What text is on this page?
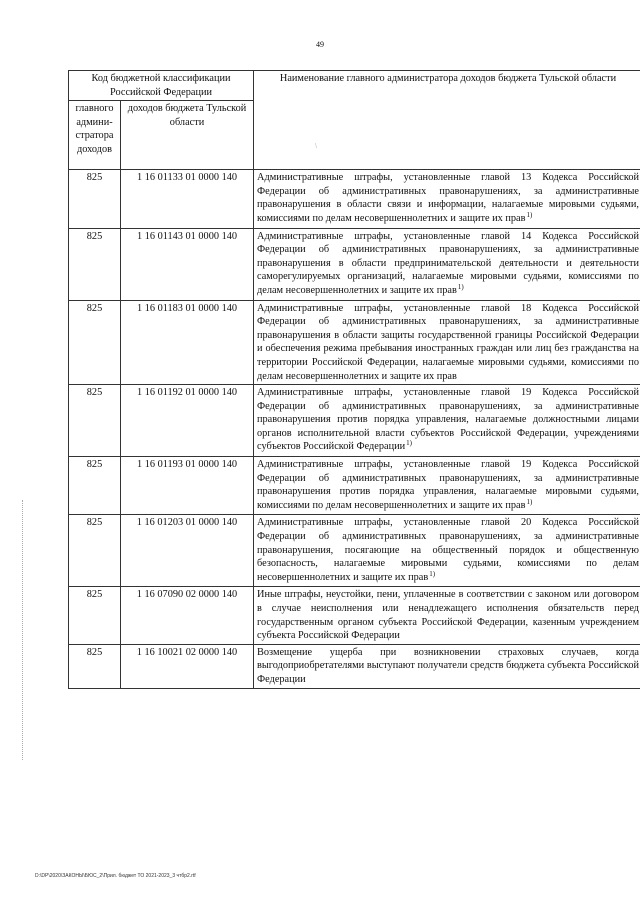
49
Код бюджетной классификации Российской Федерации		Наименование главного администратора доходов бюджета Тульской области
главного админи-стратора доходов	доходов бюджета Тульской области	
825	1 16 01133 01 0000 140	Административные штрафы, установленные главой 13 Кодекса Российской Федерации об административных правонарушениях, за административные правонарушения в области связи и информации, налагаемые мировыми судьями, комиссиями по делам несовершеннолетних и защите их прав$^{1)}$
825	1 16 01143 01 0000 140	Административные штрафы, установленные главой 14 Кодекса Российской Федерации об административных правонарушениях, за административные правонарушения в области предпринимательской деятельности и деятельности саморегулируемых организаций, налагаемые мировыми судьями, комиссиями по делам несовершеннолетних и защите их прав$^{1)}$
825	1 16 01183 01 0000 140	Административные штрафы, установленные главой 18 Кодекса Российской Федерации об административных правонарушениях, за административные правонарушения в области защиты государственной границы Российской Федерации и обеспечения режима пребывания иностранных граждан или лиц без гражданства на территории Российской Федерации, налагаемые мировыми судьями, комиссиями по делам несовершеннолетних и защите их прав
825	1 16 01192 01 0000 140	Административные штрафы, установленные главой 19 Кодекса Российской Федерации об административных правонарушениях, за административные правонарушения против порядка управления, налагаемые должностными лицами органов исполнительной власти субъектов Российской Федерации, учреждениями субъектов Российской Федерации$^{1)}$
825	1 16 01193 01 0000 140	Административные штрафы, установленные главой 19 Кодекса Российской Федерации об административных правонарушениях, за административные правонарушения против порядка управления, налагаемые мировыми судьями, комиссиями по делам несовершеннолетних и защите их прав$^{1)}$
825	1 16 01203 01 0000 140	Административные штрафы, установленные главой 20 Кодекса Российской Федерации об административных правонарушениях, за административные правонарушения, посягающие на общественный порядок и общественную безопасность, налагаемые мировыми судьями, комиссиями по делам несовершеннолетних и защите их прав$^{1)}$
825	1 16 07090 02 0000 140	Иные штрафы, неустойки, пени, уплаченные в соответствии с законом или договором в случае неисполнения или ненадлежащего исполнения обязательств перед государственным органом субъекта Российской Федерации, казенным учреждением субъекта Российской Федерации
825	1 16 10021 02 0000 140	Возмещение ущерба при возникновении страховых случаев, когда выгодоприобретателями выступают получатели средств бюджета субъекта Российской Федерации
\
D:\DP\2020\ЗАКОНЫ\БЮС_2\Прил. бюджет ТО 2021-2023_3 чтбр2.rtf
